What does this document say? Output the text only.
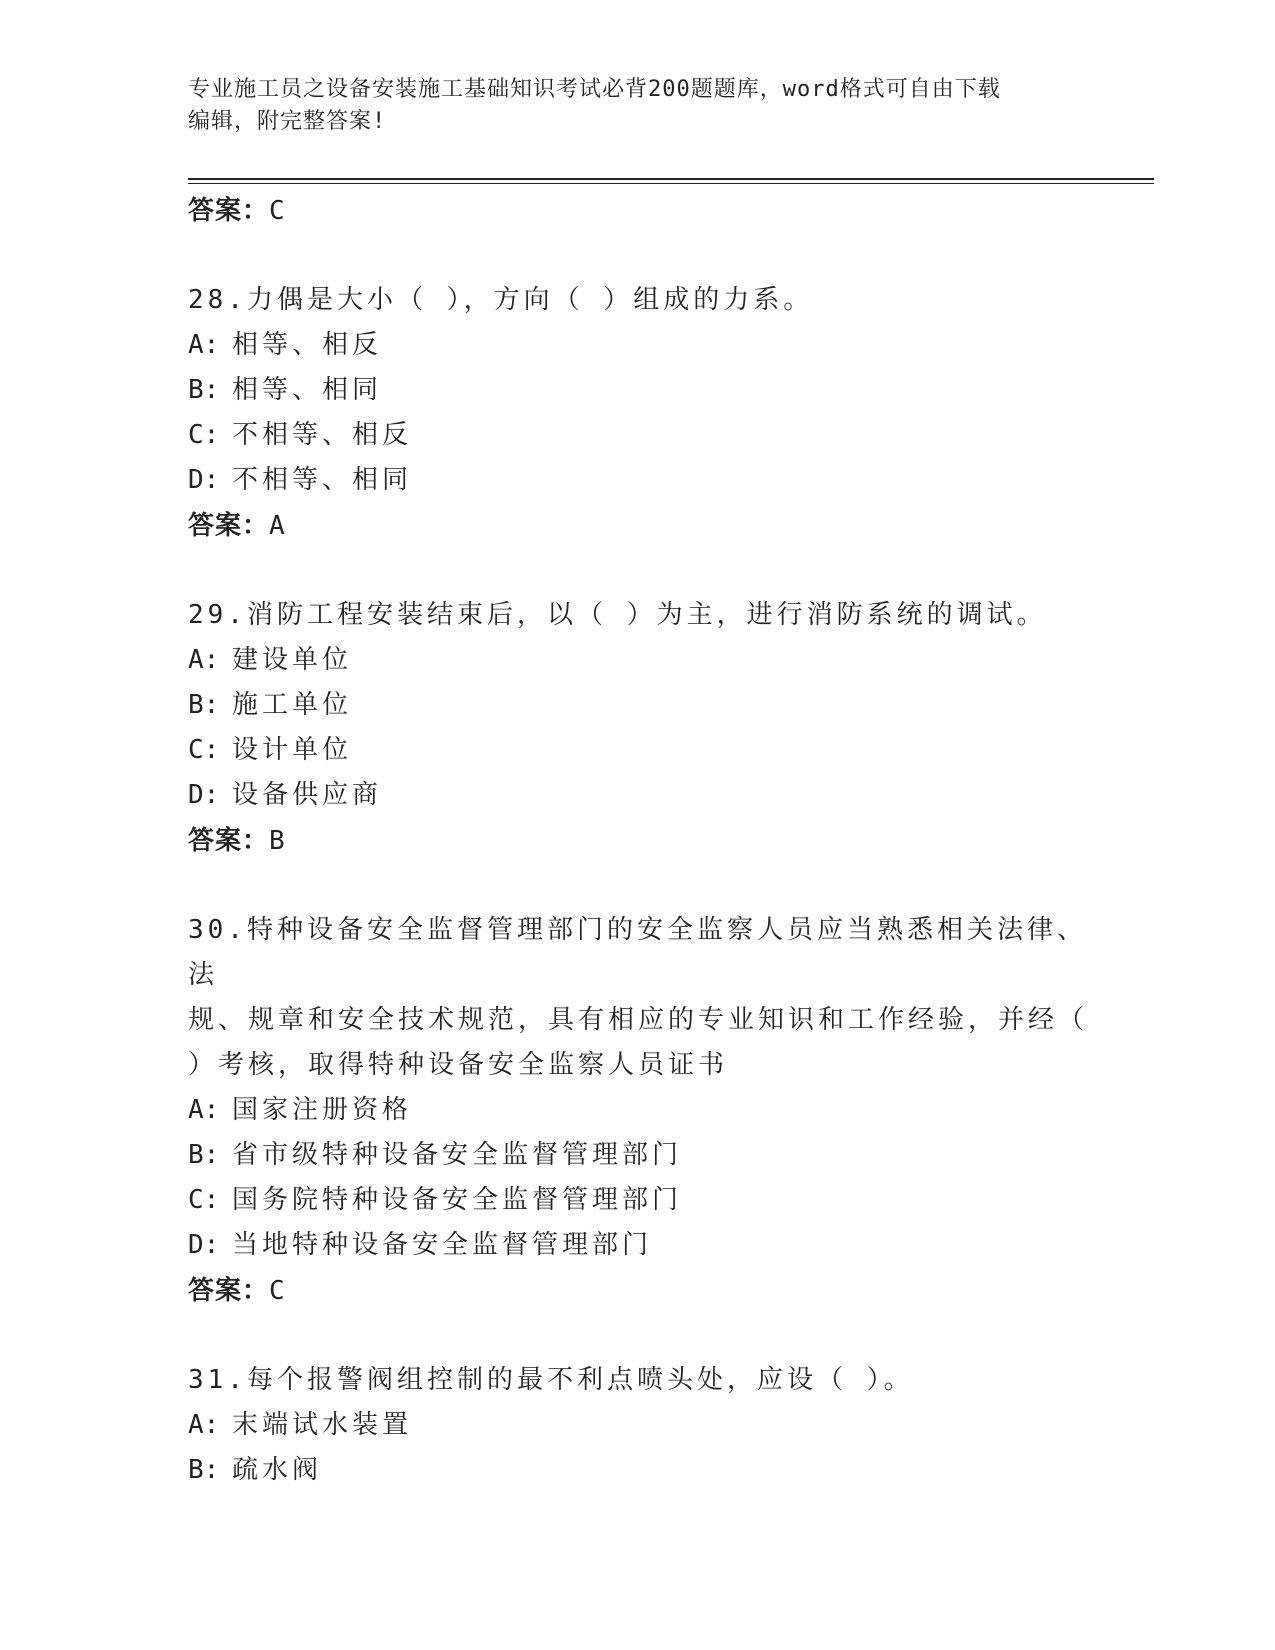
专业施工员之设备安装施工基础知识考试必背200题题库，word格式可自由下载
编辑，附完整答案!
答案：C
28.力偶是大小（ ），方向（ ）组成的力系。
A: 相等、相反
B: 相等、相同
C: 不相等、相反
D: 不相等、相同
答案：A
29.消防工程安装结束后，以（ ）为主，进行消防系统的调试。
A: 建设单位
B: 施工单位
C: 设计单位
D: 设备供应商
答案：B
30.特种设备安全监督管理部门的安全监察人员应当熟悉相关法律、法
规、规章和安全技术规范，具有相应的专业知识和工作经验，并经（
）考核，取得特种设备安全监察人员证书
A: 国家注册资格
B: 省市级特种设备安全监督管理部门
C: 国务院特种设备安全监督管理部门
D: 当地特种设备安全监督管理部门
答案：C
31.每个报警阀组控制的最不利点喷头处，应设（ ）。
A: 末端试水装置
B: 疏水阀
